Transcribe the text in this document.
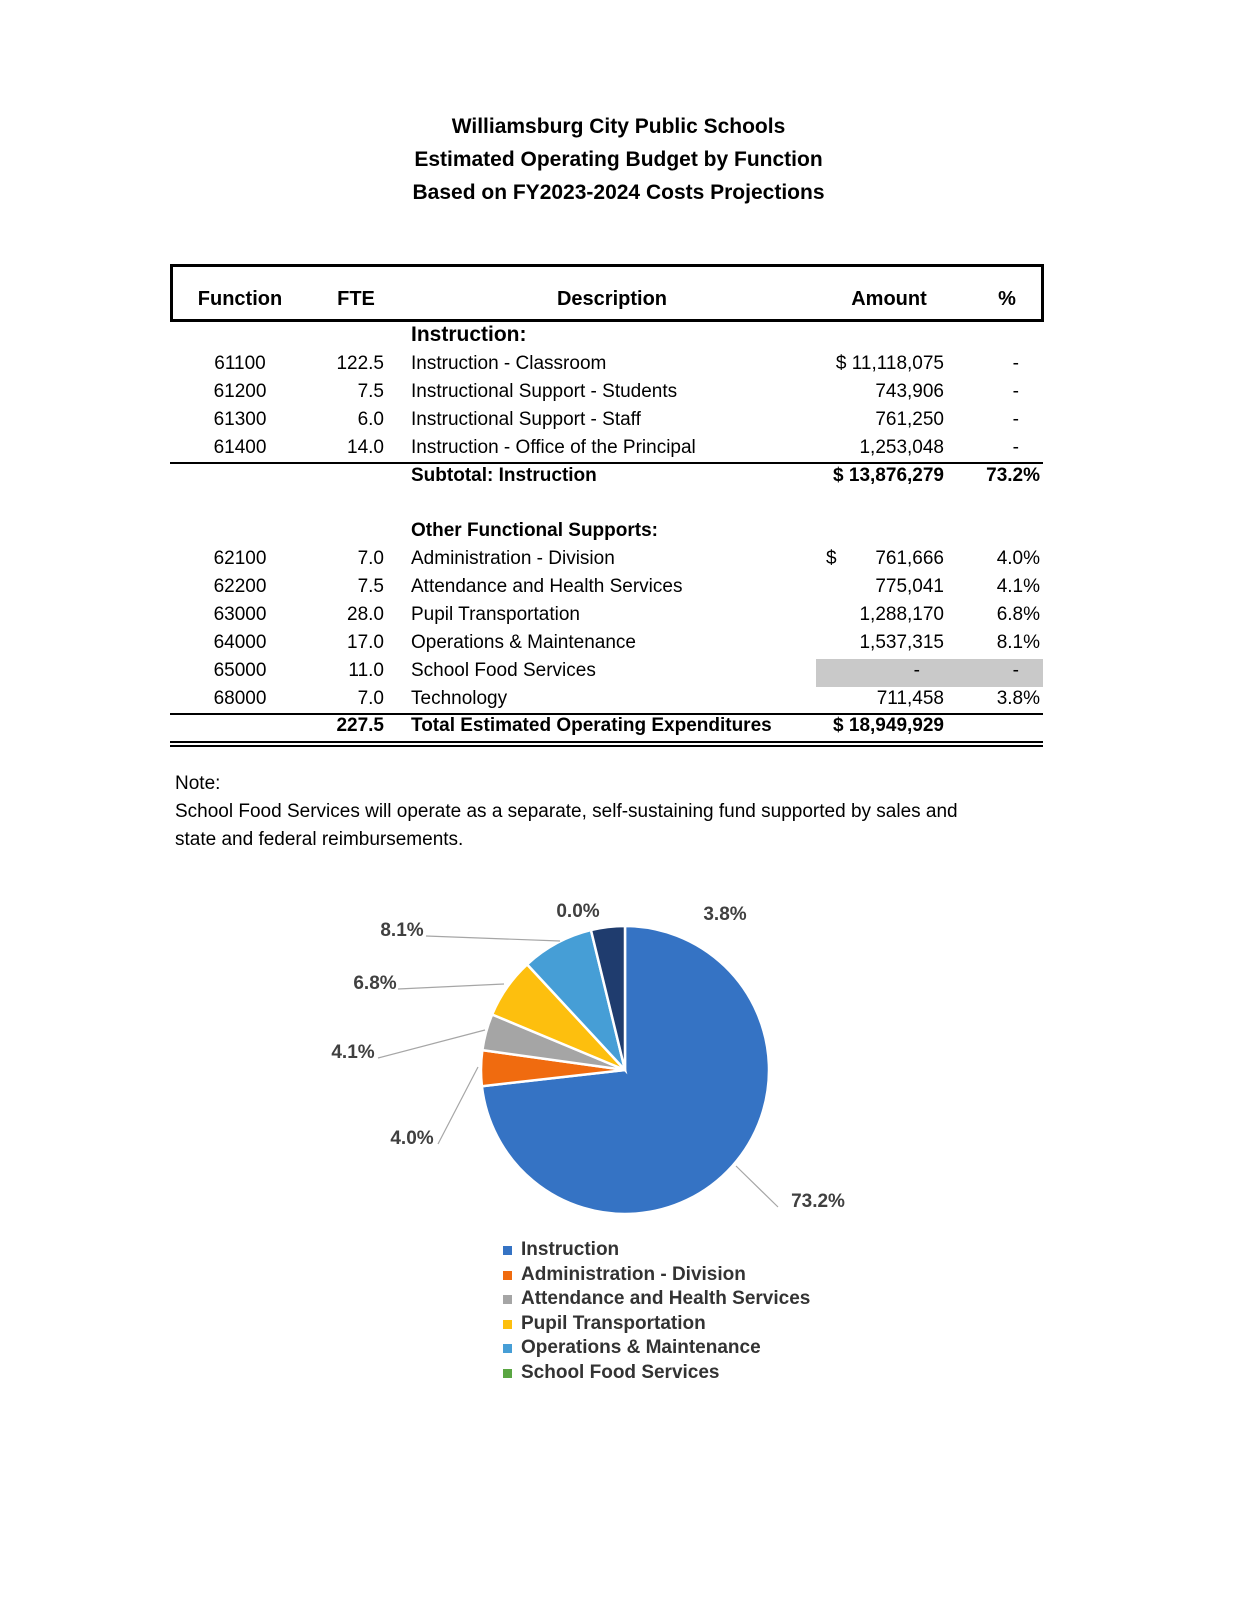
Williamsburg City Public Schools
Estimated Operating Budget by Function
Based on FY2023-2024 Costs Projections
Function	FTE	Description	Amount	%
Instruction:
61100	122.5 Instruction - Classroom	$ 11,118,075	-
61200	7.5 Instructional Support - Students	743,906	-
61300	6.0 Instructional Support - Staff	761,250	-
61400	14.0 Instruction - Office of the Principal	1,253,048	-
Subtotal: Instruction	$ 13,876,279	73.2%
Other Functional Supports:
62100	7.0 Administration - Division	$	761,666	4.0%
62200	7.5 Attendance and Health Services	775,041	4.1%
63000	28.0 Pupil Transportation	1,288,170	6.8%
64000	17.0 Operations & Maintenance	1,537,315	8.1%
65000	11.0 School Food Services	-	-
68000	7.0 Technology	711,458	3.8%
227.5 Total Estimated Operating Expenditures	$ 18,949,929
Note:
School Food Services will operate as a separate, self-sustaining fund supported by sales and
state and federal reimbursements.
73.2%
4.0%
4.1%
6.8%
8.1%
0.0%	3.8%
Instruction
Administration - Division
Attendance and Health Services
Pupil Transportation
Operations & Maintenance
School Food Services
